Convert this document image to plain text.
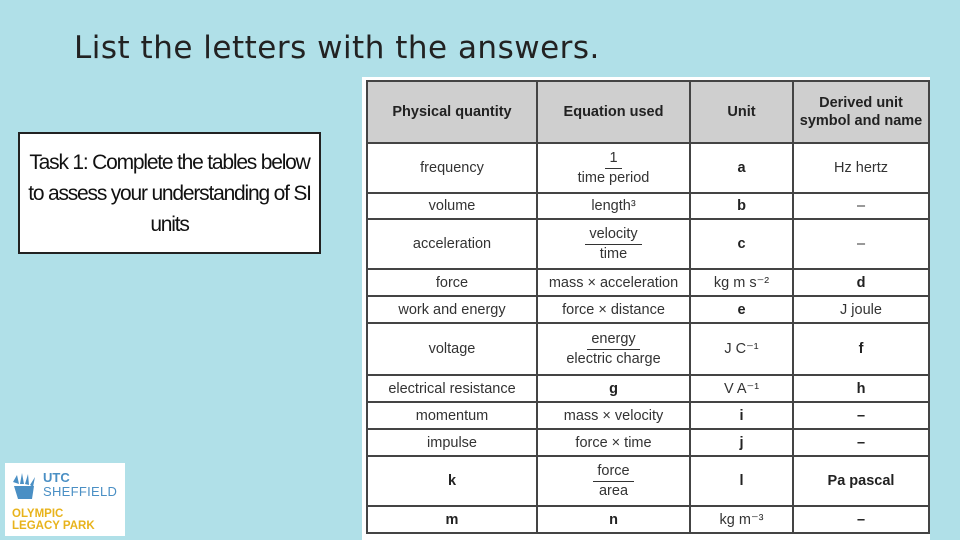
List the letters with the answers.
Task 1: Complete the tables below to assess your understanding of SI units
Physical quantity	Equation used	Unit	Derived unit symbol and name
frequency	$\frac{1}{\text{time period}}$	a	Hz hertz
volume	length³	b	–
acceleration	$\frac{\text{velocity}}{\text{time}}$	c	–
force	mass × acceleration	kg m s⁻²	d
work and energy	force × distance	e	J joule
voltage	$\frac{\text{energy}}{\text{electric charge}}$	J C⁻¹	f
electrical resistance	g	V A⁻¹	h
momentum	mass × velocity	i	–
impulse	force × time	j	–
k	$\frac{\text{force}}{\text{area}}$	l	Pa pascal
m	n	kg m⁻³	–
UTC
SHEFFIELD
OLYMPIC
LEGACY PARK
